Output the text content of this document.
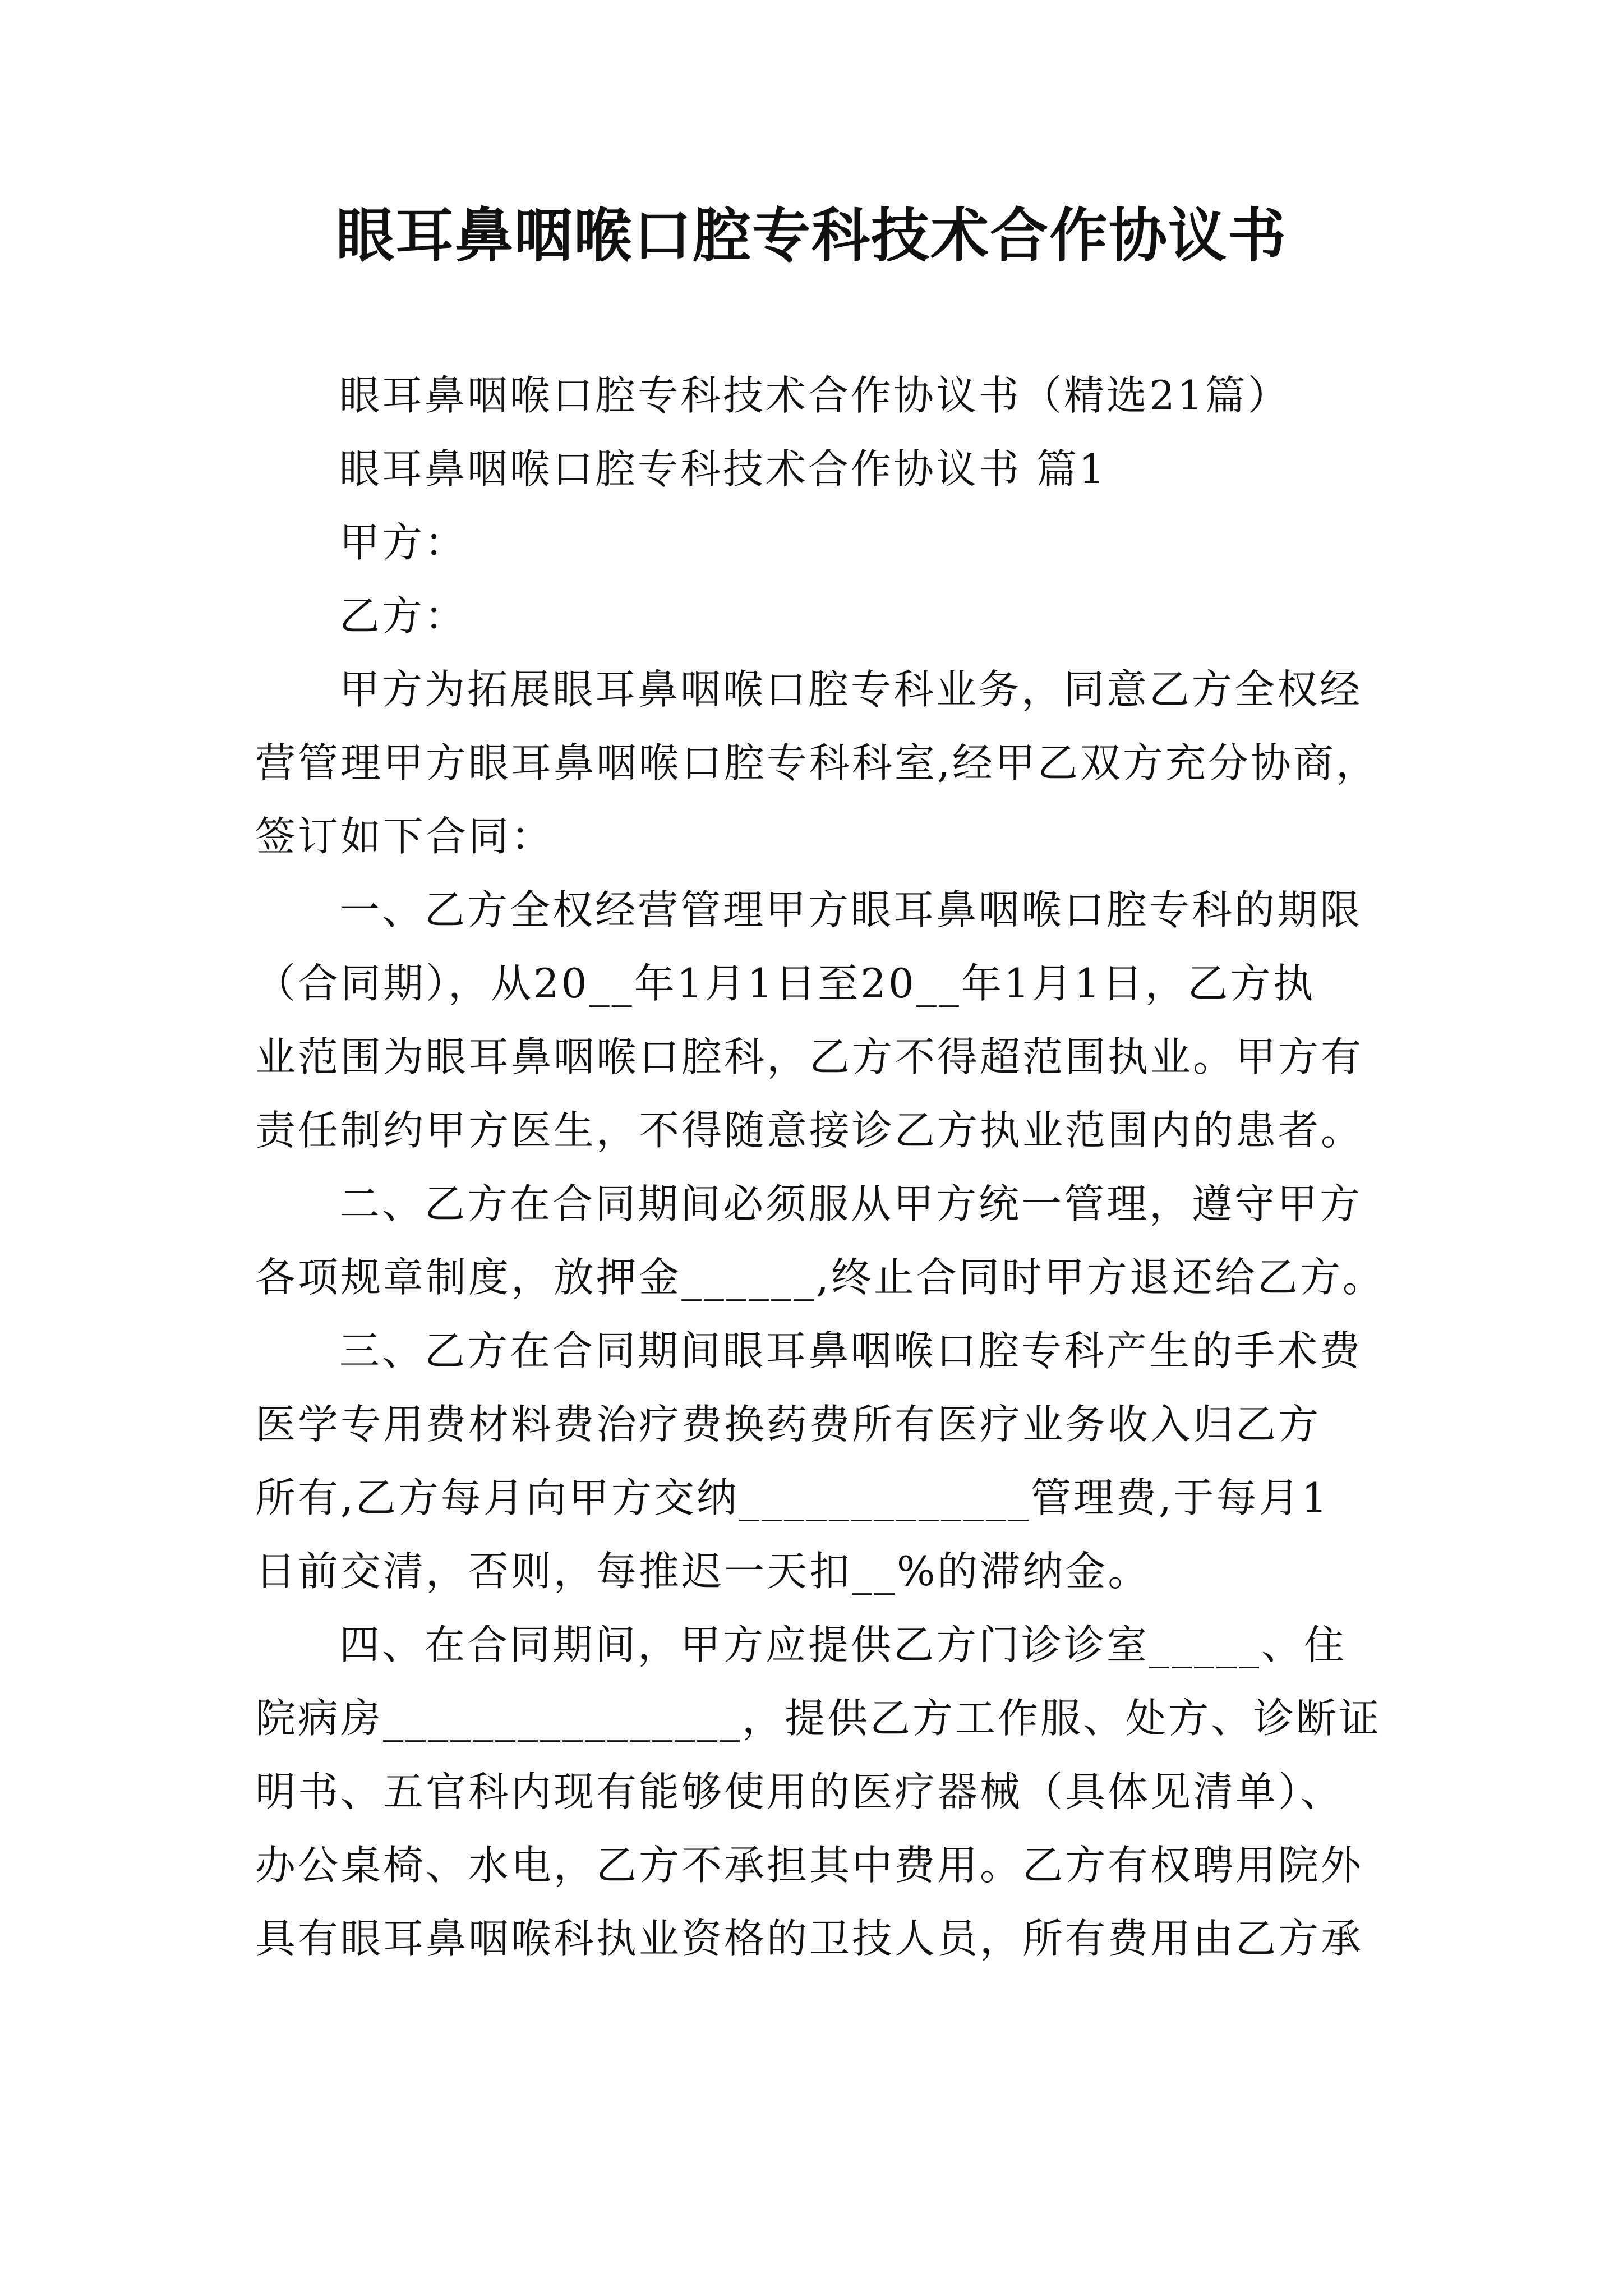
眼耳鼻咽喉口腔专科技术合作协议书
眼耳鼻咽喉口腔专科技术合作协议书（精选21篇）
眼耳鼻咽喉口腔专科技术合作协议书 篇1
甲方：
乙方：
甲方为拓展眼耳鼻咽喉口腔专科业务，同意乙方全权经
营管理甲方眼耳鼻咽喉口腔专科科室,经甲乙双方充分协商，
签订如下合同：
一、乙方全权经营管理甲方眼耳鼻咽喉口腔专科的期限
（合同期），从20__年1月1日至20__年1月1日，乙方执
业范围为眼耳鼻咽喉口腔科，乙方不得超范围执业。甲方有
责任制约甲方医生，不得随意接诊乙方执业范围内的患者。
二、乙方在合同期间必须服从甲方统一管理，遵守甲方
各项规章制度，放押金______,终止合同时甲方退还给乙方。
三、乙方在合同期间眼耳鼻咽喉口腔专科产生的手术费
医学专用费材料费治疗费换药费所有医疗业务收入归乙方
所有,乙方每月向甲方交纳_____________管理费,于每月1
日前交清，否则，每推迟一天扣__%的滞纳金。
四、在合同期间，甲方应提供乙方门诊诊室_____、住
院病房________________，提供乙方工作服、处方、诊断证
明书、五官科内现有能够使用的医疗器械（具体见清单）、
办公桌椅、水电，乙方不承担其中费用。乙方有权聘用院外
具有眼耳鼻咽喉科执业资格的卫技人员，所有费用由乙方承
